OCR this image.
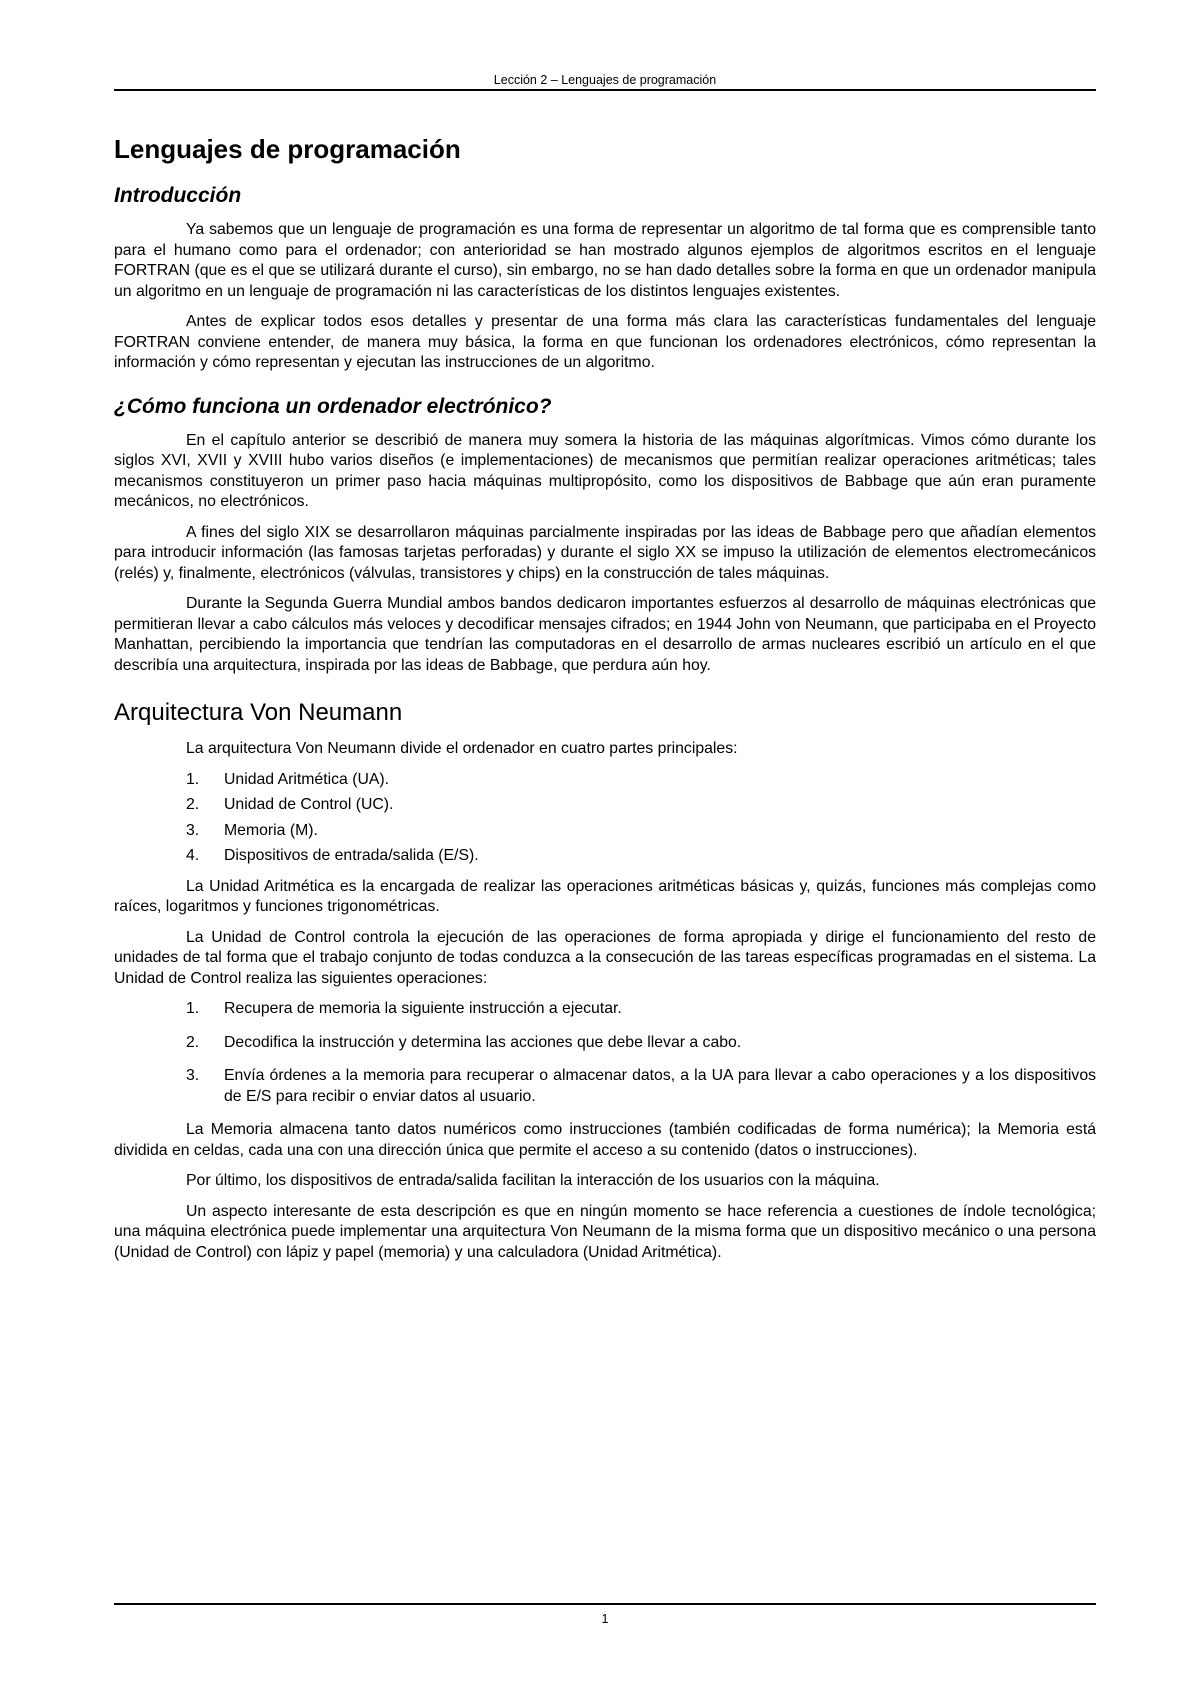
Lección 2 – Lenguajes de programación
Lenguajes de programación
Introducción

Ya sabemos que un lenguaje de programación es una forma de representar un algoritmo de tal forma que es comprensible tanto para el humano como para el ordenador; con anterioridad se han mostrado algunos ejemplos de algoritmos escritos en el lenguaje FORTRAN (que es el que se utilizará durante el curso), sin embargo, no se han dado detalles sobre la forma en que un ordenador manipula un algoritmo en un lenguaje de programación ni las características de los distintos lenguajes existentes.

Antes de explicar todos esos detalles y presentar de una forma más clara las características fundamentales del lenguaje FORTRAN conviene entender, de manera muy básica, la forma en que funcionan los ordenadores electrónicos, cómo representan la información y cómo representan y ejecutan las instrucciones de un algoritmo.

¿Cómo funciona un ordenador electrónico?

En el capítulo anterior se describió de manera muy somera la historia de las máquinas algorítmicas. Vimos cómo durante los siglos XVI, XVII y XVIII hubo varios diseños (e implementaciones) de mecanismos que permitían realizar operaciones aritméticas; tales mecanismos constituyeron un primer paso hacia máquinas multipropósito, como los dispositivos de Babbage que aún eran puramente mecánicos, no electrónicos.

A fines del siglo XIX se desarrollaron máquinas parcialmente inspiradas por las ideas de Babbage pero que añadían elementos para introducir información (las famosas tarjetas perforadas) y durante el siglo XX se impuso la utilización de elementos electromecánicos (relés) y, finalmente, electrónicos (válvulas, transistores y chips) en la construcción de tales máquinas.

Durante la Segunda Guerra Mundial ambos bandos dedicaron importantes esfuerzos al desarrollo de máquinas electrónicas que permitieran llevar a cabo cálculos más veloces y decodificar mensajes cifrados; en 1944 John von Neumann, que participaba en el Proyecto Manhattan, percibiendo la importancia que tendrían las computadoras en el desarrollo de armas nucleares escribió un artículo en el que describía una arquitectura, inspirada por las ideas de Babbage, que perdura aún hoy.

Arquitectura Von Neumann

La arquitectura Von Neumann divide el ordenador en cuatro partes principales:

1. Unidad Aritmética (UA).
2. Unidad de Control (UC).
3. Memoria (M).
4. Dispositivos de entrada/salida (E/S).

La Unidad Aritmética es la encargada de realizar las operaciones aritméticas básicas y, quizás, funciones más complejas como raíces, logaritmos y funciones trigonométricas.

La Unidad de Control controla la ejecución de las operaciones de forma apropiada y dirige el funcionamiento del resto de unidades de tal forma que el trabajo conjunto de todas conduzca a la consecución de las tareas específicas programadas en el sistema. La Unidad de Control realiza las siguientes operaciones:

1. Recupera de memoria la siguiente instrucción a ejecutar.
2. Decodifica la instrucción y determina las acciones que debe llevar a cabo.
3. Envía órdenes a la memoria para recuperar o almacenar datos, a la UA para llevar a cabo operaciones y a los dispositivos de E/S para recibir o enviar datos al usuario.

La Memoria almacena tanto datos numéricos como instrucciones (también codificadas de forma numérica); la Memoria está dividida en celdas, cada una con una dirección única que permite el acceso a su contenido (datos o instrucciones).

Por último, los dispositivos de entrada/salida facilitan la interacción de los usuarios con la máquina.

Un aspecto interesante de esta descripción es que en ningún momento se hace referencia a cuestiones de índole tecnológica; una máquina electrónica puede implementar una arquitectura Von Neumann de la misma forma que un dispositivo mecánico o una persona (Unidad de Control) con lápiz y papel (memoria) y una calculadora (Unidad Aritmética).

1
